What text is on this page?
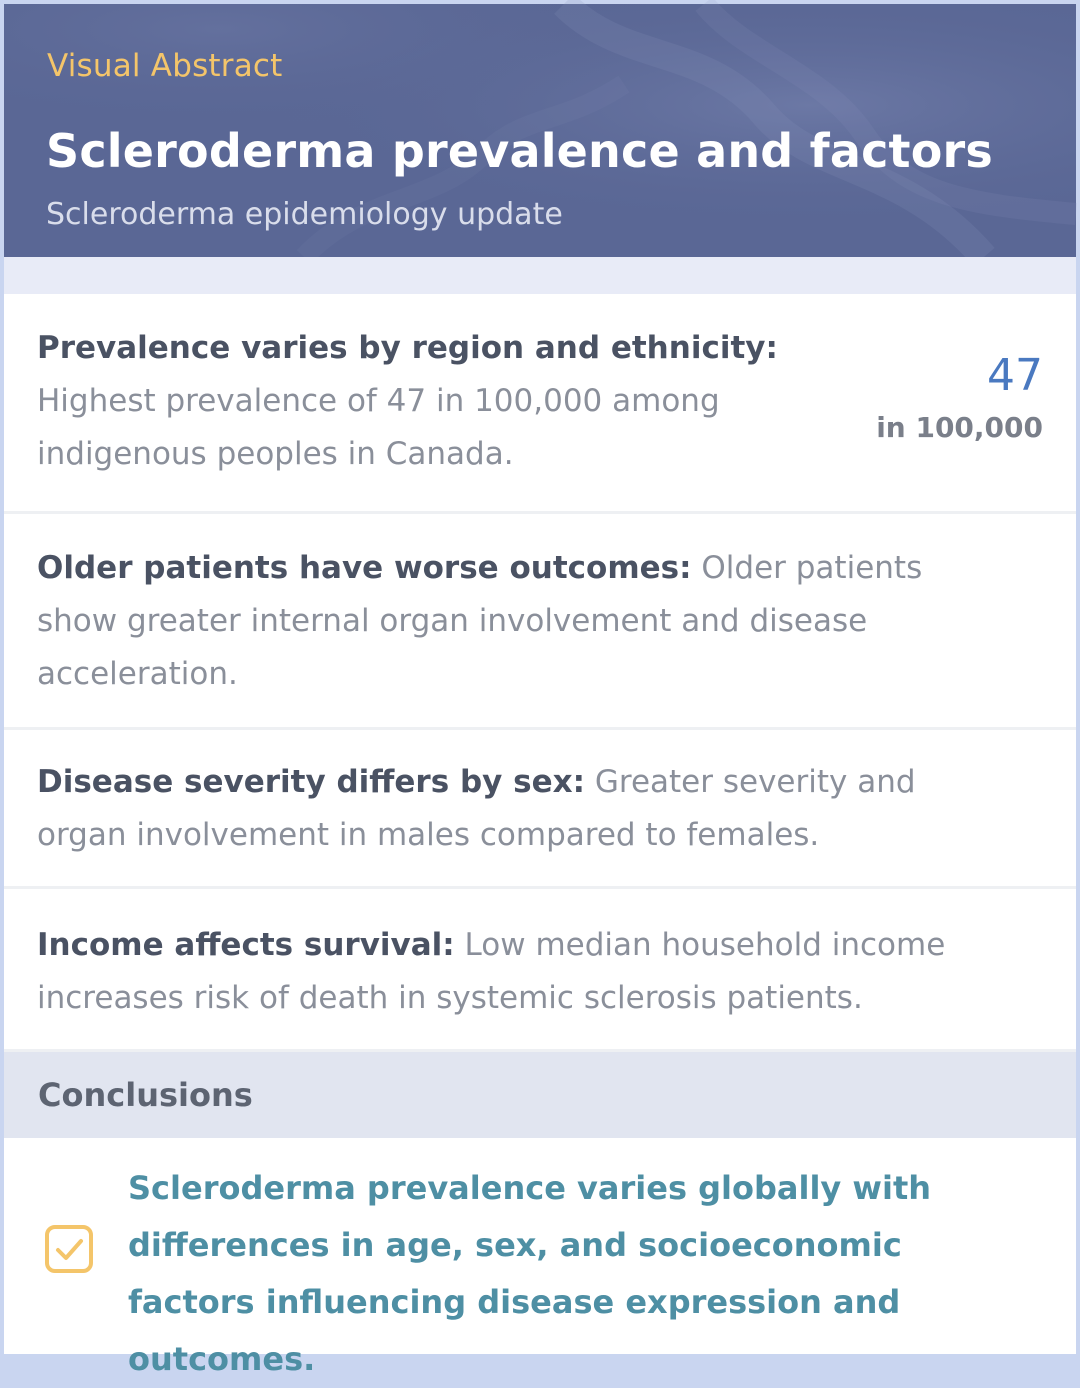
Visual Abstract
Scleroderma prevalence and factors
Scleroderma epidemiology update
Prevalence varies by region and ethnicity: Highest prevalence of 47 in 100,000 among indigenous peoples in Canada.
47
in 100,000
Older patients have worse outcomes: Older patients show greater internal organ involvement and disease acceleration.
Disease severity differs by sex: Greater severity and organ involvement in males compared to females.
Income affects survival: Low median household income increases risk of death in systemic sclerosis patients.
Conclusions
Scleroderma prevalence varies globally with differences in age, sex, and socioeconomic factors influencing disease expression and outcomes.
